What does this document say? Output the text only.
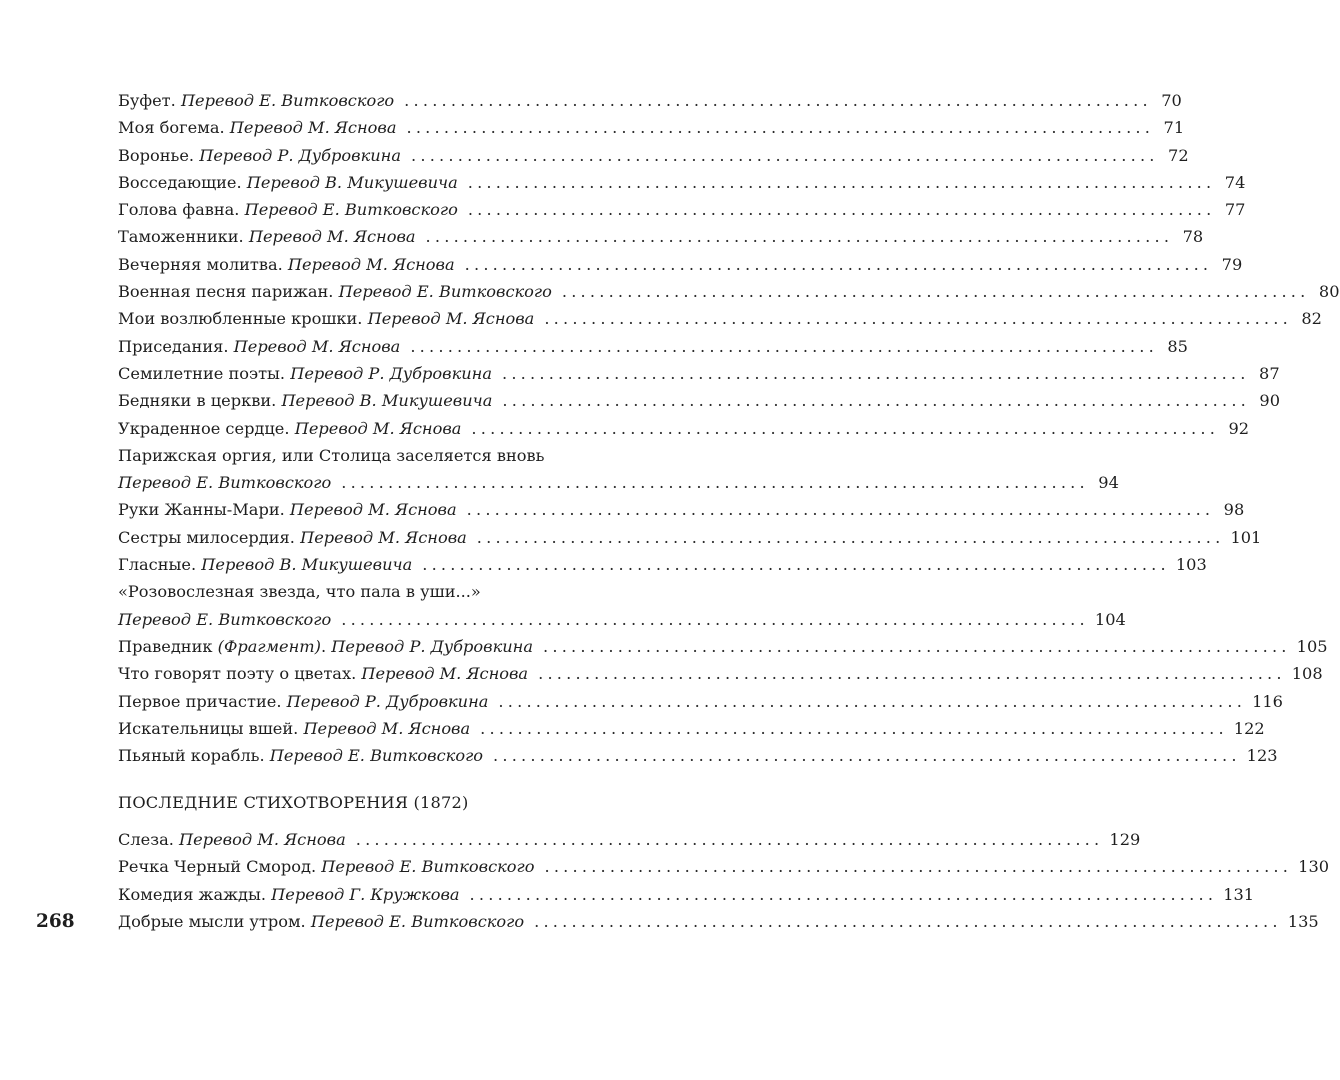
Буфет. Перевод Е. Витковского ................................................................................ 70
Моя богема. Перевод М. Яснова ................................................................................ 71
Воронье. Перевод Р. Дубровкина ................................................................................ 72
Восседающие. Перевод В. Микушевича ................................................................................ 74
Голова фавна. Перевод Е. Витковского ................................................................................ 77
Таможенники. Перевод М. Яснова ................................................................................ 78
Вечерняя молитва. Перевод М. Яснова ................................................................................ 79
Военная песня парижан. Перевод Е. Витковского ................................................................................ 80
Мои возлюбленные крошки. Перевод М. Яснова ................................................................................ 82
Приседания. Перевод М. Яснова ................................................................................ 85
Семилетние поэты. Перевод Р. Дубровкина ................................................................................ 87
Бедняки в церкви. Перевод В. Микушевича ................................................................................ 90
Украденное сердце. Перевод М. Яснова ................................................................................ 92
Парижская оргия, или Столица заселяется вновь
Перевод Е. Витковского ................................................................................ 94
Руки Жанны-Мари. Перевод М. Яснова ................................................................................ 98
Сестры милосердия. Перевод М. Яснова ................................................................................ 101
Гласные. Перевод В. Микушевича ................................................................................ 103
«Розовослезная звезда, что пала в уши...»
Перевод Е. Витковского ................................................................................ 104
Праведник (Фрагмент). Перевод Р. Дубровкина ................................................................................ 105
Что говорят поэту о цветах. Перевод М. Яснова ................................................................................ 108
Первое причастие. Перевод Р. Дубровкина ................................................................................ 116
Искательницы вшей. Перевод М. Яснова ................................................................................ 122
Пьяный корабль. Перевод Е. Витковского ................................................................................ 123
ПОСЛЕДНИЕ СТИХОТВОРЕНИЯ (1872)
Слеза. Перевод М. Яснова ................................................................................ 129
Речка Черный Смород. Перевод Е. Витковского ................................................................................ 130
Комедия жажды. Перевод Г. Кружкова ................................................................................ 131
Добрые мысли утром. Перевод Е. Витковского ................................................................................ 135
268
